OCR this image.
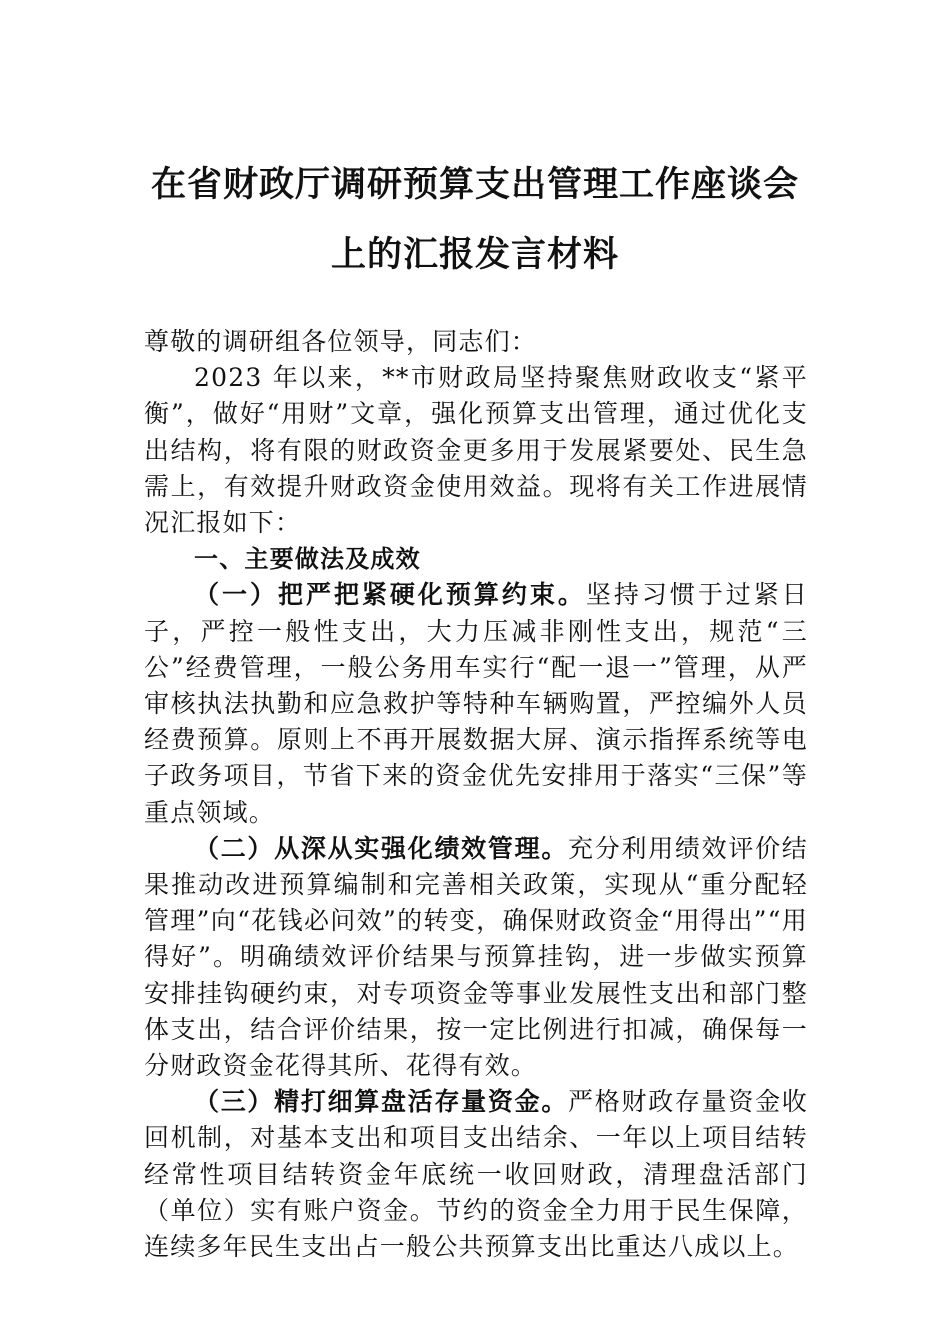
在省财政厅调研预算支出管理工作座谈会
上的汇报发言材料

尊敬的调研组各位领导，同志们：

2023 年以来，**市财政局坚持聚焦财政收支“紧平衡”，做好“用财”文章，强化预算支出管理，通过优化支出结构，将有限的财政资金更多用于发展紧要处、民生急需上，有效提升财政资金使用效益。现将有关工作进展情况汇报如下：

一、主要做法及成效

（一）把严把紧硬化预算约束。坚持习惯于过紧日子，严控一般性支出，大力压减非刚性支出，规范“三公”经费管理，一般公务用车实行“配一退一”管理，从严审核执法执勤和应急救护等特种车辆购置，严控编外人员经费预算。原则上不再开展数据大屏、演示指挥系统等电子政务项目，节省下来的资金优先安排用于落实“三保”等重点领域。

（二）从深从实强化绩效管理。充分利用绩效评价结果推动改进预算编制和完善相关政策，实现从“重分配轻管理”向“花钱必问效”的转变，确保财政资金“用得出”“用得好”。明确绩效评价结果与预算挂钩，进一步做实预算安排挂钩硬约束，对专项资金等事业发展性支出和部门整体支出，结合评价结果，按一定比例进行扣减，确保每一分财政资金花得其所、花得有效。

（三）精打细算盘活存量资金。严格财政存量资金收回机制，对基本支出和项目支出结余、一年以上项目结转经常性项目结转资金年底统一收回财政，清理盘活部门（单位）实有账户资金。节约的资金全力用于民生保障，连续多年民生支出占一般公共预算支出比重达八成以上。
